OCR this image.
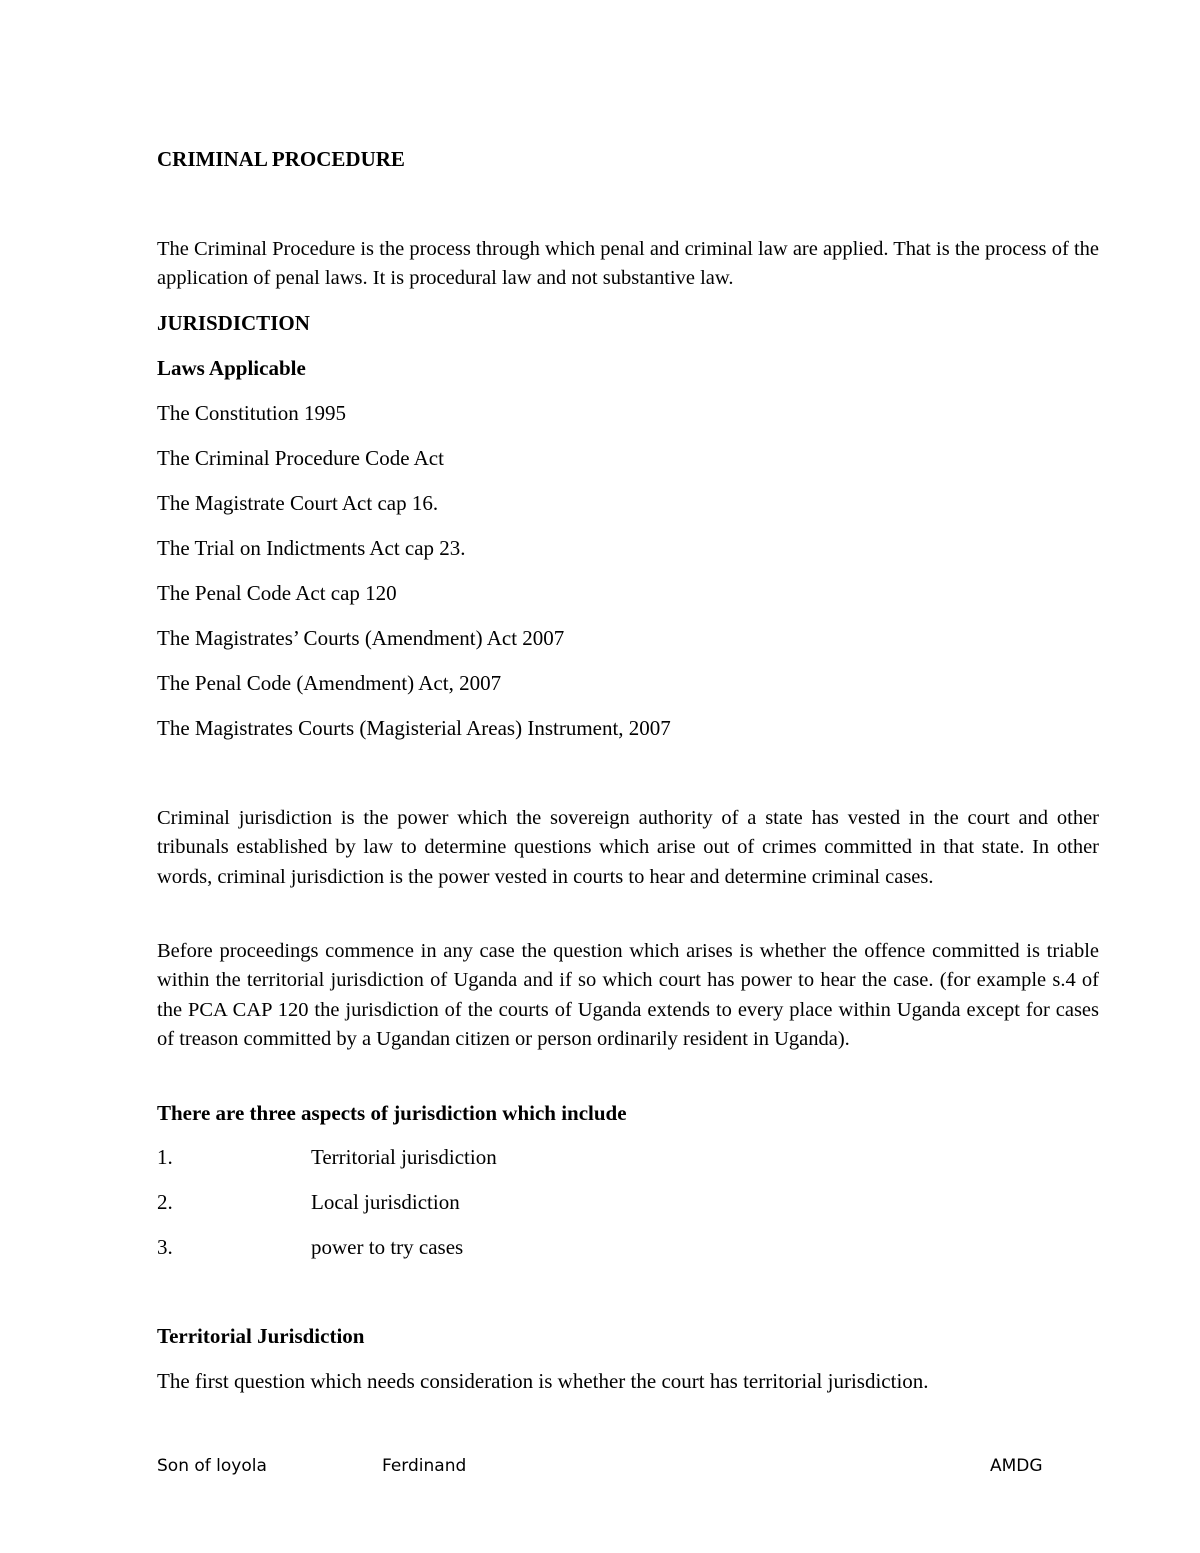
CRIMINAL PROCEDURE

The Criminal Procedure is the process through which penal and criminal law are applied. That is the process of the application of penal laws. It is procedural law and not substantive law.

JURISDICTION
Laws Applicable

The Constitution 1995

The Criminal Procedure Code Act

The Magistrate Court Act cap 16.

The Trial on Indictments Act cap 23.

The Penal Code Act cap 120

The Magistrates’ Courts (Amendment) Act 2007

The Penal Code (Amendment) Act, 2007

The Magistrates Courts (Magisterial Areas) Instrument, 2007

Criminal jurisdiction is the power which the sovereign authority of a state has vested in the court and other tribunals established by law to determine questions which arise out of crimes committed in that state. In other words, criminal jurisdiction is the power vested in courts to hear and determine criminal cases.

Before proceedings commence in any case the question which arises is whether the offence committed is triable within the territorial jurisdiction of Uganda and if so which court has power to hear the case. (for example s.4 of the PCA CAP 120 the jurisdiction of the courts of Uganda extends to every place within Uganda except for cases of treason committed by a Ugandan citizen or person ordinarily resident in Uganda).

There are three aspects of jurisdiction which include
1.	Territorial jurisdiction
2.	Local jurisdiction
3.	power to try cases
Territorial Jurisdiction

The first question which needs consideration is whether the court has territorial jurisdiction.

Son of loyola	Ferdinand	AMDG
